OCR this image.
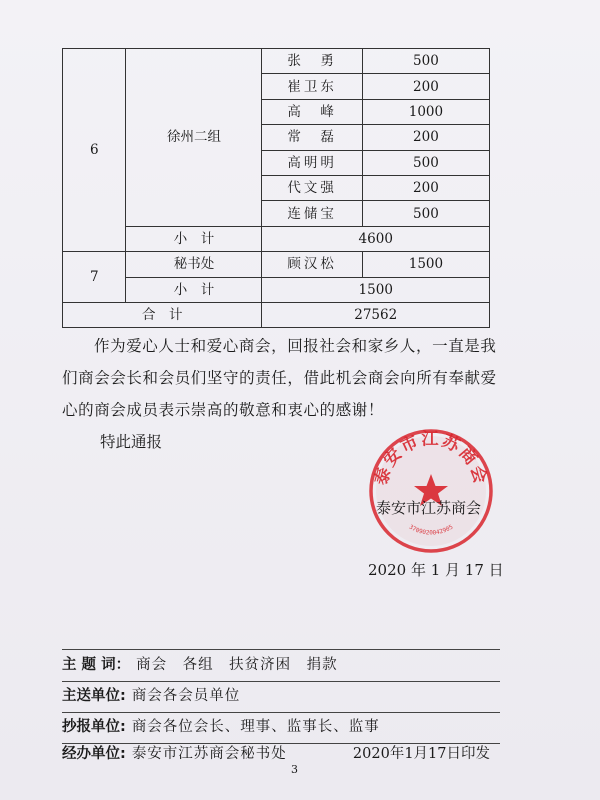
6	徐州二组	张　勇	500
		崔卫东	200
		高　峰	1000
		常　磊	200
		高明明	500
		代文强	200
		连储宝	500
	小　计	4600	
7	秘书处	顾汉松	1500
	小　计	1500	
合　计		27562	
作为爱心人士和爱心商会，回报社会和家乡人，一直是我们商会会长和会员们坚守的责任，借此机会商会向所有奉献爱心的商会成员表示崇高的敬意和衷心的感谢！
特此通报
泰安市江苏商会
3709020042905
泰安市江苏商会
2020 年 1 月 17 日
主 题 词： 商会　各组　扶贫济困　捐款
主送单位: 商会各会员单位
抄报单位: 商会各位会长、理事、监事长、监事
经办单位: 泰安市江苏商会秘书处	2020年1月17日印发
3
